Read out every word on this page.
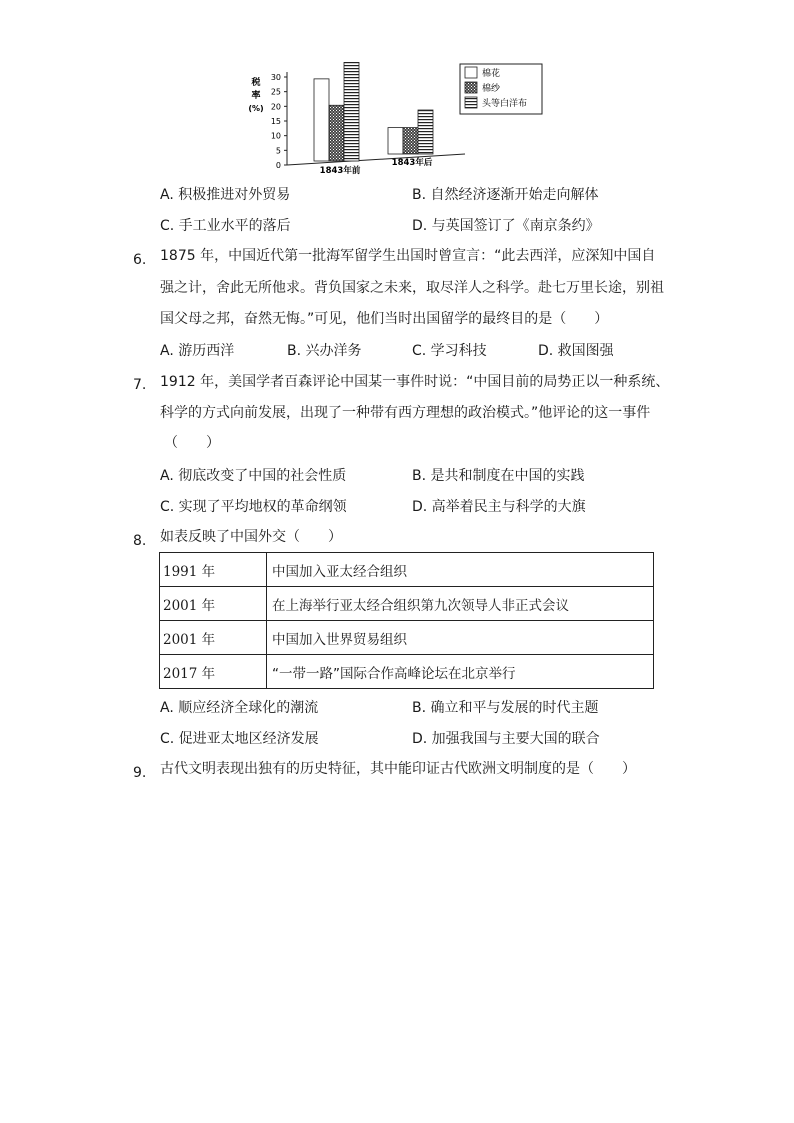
税
率
(%)
0
5
10
15
20
25
30
1843年前
1843年后
棉花
棉纱
头等白洋布
A. 积极推进对外贸易	B. 自然经济逐渐开始走向解体
C. 手工业水平的落后	D. 与英国签订了《南京条约》
6. 1875 年，中国近代第一批海军留学生出国时曾宣言：“此去西洋，应深知中国自
强之计，舍此无所他求。背负国家之未来，取尽洋人之科学。赴七万里长途，别祖
国父母之邦，奋然无悔。”可见，他们当时出国留学的最终目的是（　　）
A. 游历西洋	B. 兴办洋务	C. 学习科技	D. 救国图强
7. 1912 年，美国学者百森评论中国某一事件时说：“中国目前的局势正以一种系统、
科学的方式向前发展，出现了一种带有西方理想的政治模式。”他评论的这一事件
（　　）
A. 彻底改变了中国的社会性质	B. 是共和制度在中国的实践
C. 实现了平均地权的革命纲领	D. 高举着民主与科学的大旗
8. 如表反映了中国外交（　　）
1991 年	中国加入亚太经合组织
2001 年	在上海举行亚太经合组织第九次领导人非正式会议
2001 年	中国加入世界贸易组织
2017 年	“一带一路”国际合作高峰论坛在北京举行
A. 顺应经济全球化的潮流	B. 确立和平与发展的时代主题
C. 促进亚太地区经济发展	D. 加强我国与主要大国的联合
9. 古代文明表现出独有的历史特征，其中能印证古代欧洲文明制度的是（　　）
